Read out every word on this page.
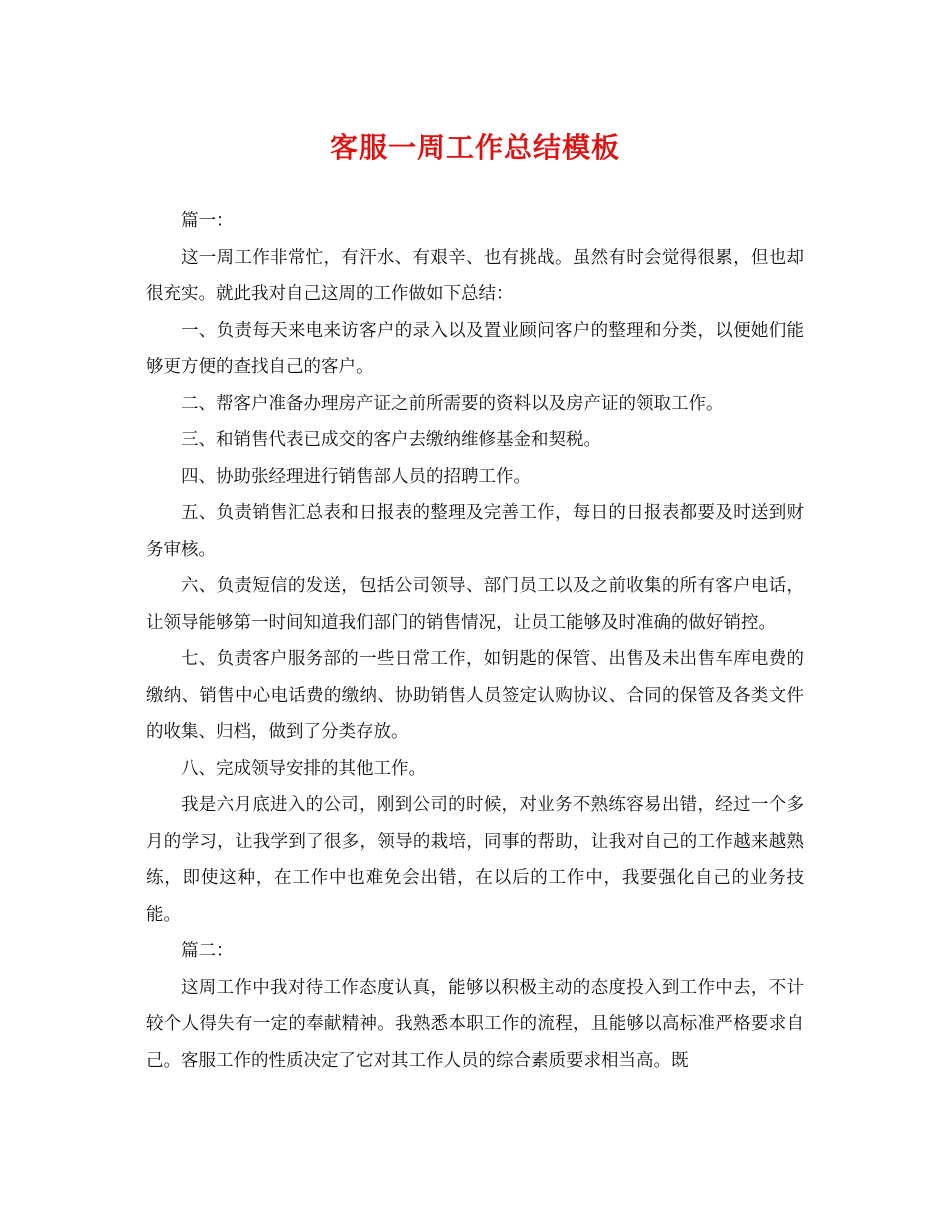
客服一周工作总结模板

篇一：

这一周工作非常忙，有汗水、有艰辛、也有挑战。虽然有时会觉得很累，但也却很充实。就此我对自己这周的工作做如下总结：

一、负责每天来电来访客户的录入以及置业顾问客户的整理和分类，以便她们能够更方便的查找自己的客户。

二、帮客户准备办理房产证之前所需要的资料以及房产证的领取工作。

三、和销售代表已成交的客户去缴纳维修基金和契税。

四、协助张经理进行销售部人员的招聘工作。

五、负责销售汇总表和日报表的整理及完善工作，每日的日报表都要及时送到财务审核。

六、负责短信的发送，包括公司领导、部门员工以及之前收集的所有客户电话，让领导能够第一时间知道我们部门的销售情况，让员工能够及时准确的做好销控。

七、负责客户服务部的一些日常工作，如钥匙的保管、出售及未出售车库电费的缴纳、销售中心电话费的缴纳、协助销售人员签定认购协议、合同的保管及各类文件的收集、归档，做到了分类存放。

八、完成领导安排的其他工作。

我是六月底进入的公司，刚到公司的时候，对业务不熟练容易出错，经过一个多月的学习，让我学到了很多，领导的栽培，同事的帮助，让我对自己的工作越来越熟练，即使这种，在工作中也难免会出错，在以后的工作中，我要强化自己的业务技能。

篇二：

这周工作中我对待工作态度认真，能够以积极主动的态度投入到工作中去，不计较个人得失有一定的奉献精神。我熟悉本职工作的流程，且能够以高标准严格要求自己。客服工作的性质决定了它对其工作人员的综合素质要求相当高。既
